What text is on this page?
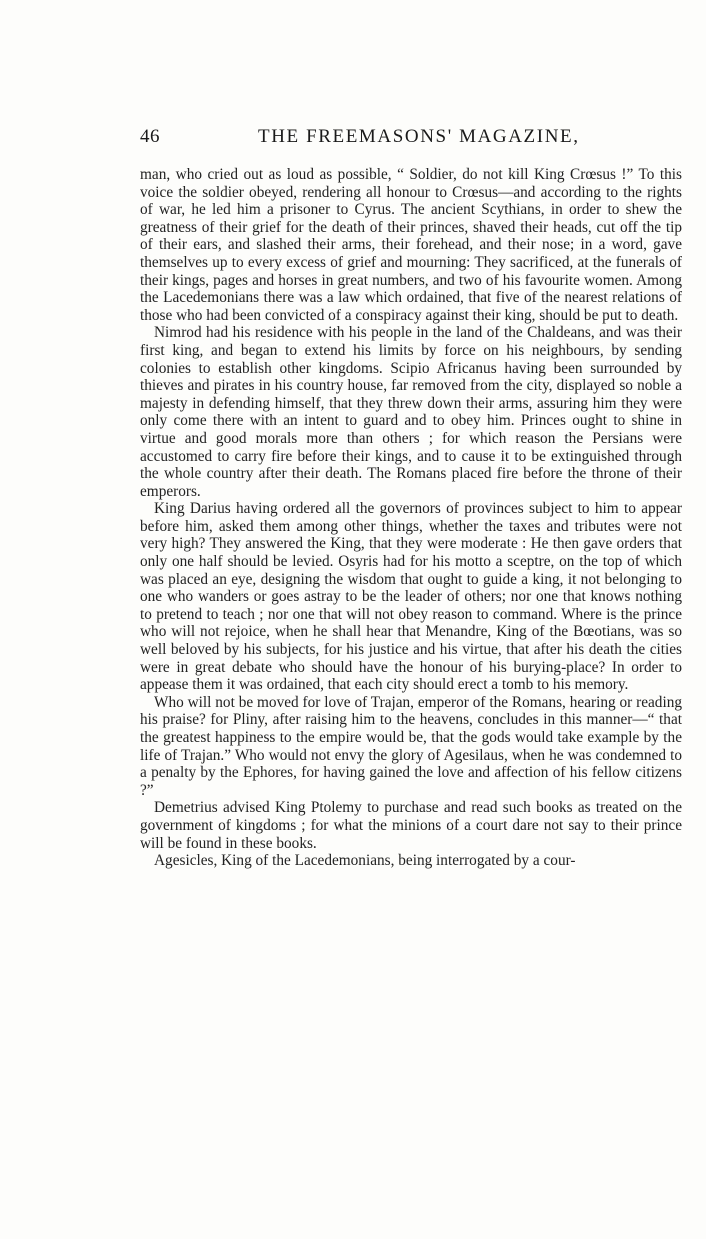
46	THE FREEMASONS' MAGAZINE,

man, who cried out as loud as possible, “ Soldier, do not kill King Crœsus !” To this voice the soldier obeyed, rendering all honour to Crœsus—and according to the rights of war, he led him a prisoner to Cyrus. The ancient Scythians, in order to shew the greatness of their grief for the death of their princes, shaved their heads, cut off the tip of their ears, and slashed their arms, their forehead, and their nose; in a word, gave themselves up to every excess of grief and mourning: They sacrificed, at the funerals of their kings, pages and horses in great numbers, and two of his favourite women. Among the Lacedemonians there was a law which ordained, that five of the nearest relations of those who had been convicted of a conspiracy against their king, should be put to death.

Nimrod had his residence with his people in the land of the Chaldeans, and was their first king, and began to extend his limits by force on his neighbours, by sending colonies to establish other kingdoms. Scipio Africanus having been surrounded by thieves and pirates in his country house, far removed from the city, displayed so noble a majesty in defending himself, that they threw down their arms, assuring him they were only come there with an intent to guard and to obey him. Princes ought to shine in virtue and good morals more than others ; for which reason the Persians were accustomed to carry fire before their kings, and to cause it to be extinguished through the whole country after their death. The Romans placed fire before the throne of their emperors.

King Darius having ordered all the governors of provinces subject to him to appear before him, asked them among other things, whether the taxes and tributes were not very high? They answered the King, that they were moderate : He then gave orders that only one half should be levied. Osyris had for his motto a sceptre, on the top of which was placed an eye, designing the wisdom that ought to guide a king, it not belonging to one who wanders or goes astray to be the leader of others; nor one that knows nothing to pretend to teach ; nor one that will not obey reason to command. Where is the prince who will not rejoice, when he shall hear that Menandre, King of the Bœotians, was so well beloved by his subjects, for his justice and his virtue, that after his death the cities were in great debate who should have the honour of his burying-place? In order to appease them it was ordained, that each city should erect a tomb to his memory.

Who will not be moved for love of Trajan, emperor of the Romans, hearing or reading his praise? for Pliny, after raising him to the heavens, concludes in this manner—“ that the greatest happiness to the empire would be, that the gods would take example by the life of Trajan.” Who would not envy the glory of Agesilaus, when he was condemned to a penalty by the Ephores, for having gained the love and affection of his fellow citizens ?”

Demetrius advised King Ptolemy to purchase and read such books as treated on the government of kingdoms ; for what the minions of a court dare not say to their prince will be found in these books.

Agesicles, King of the Lacedemonians, being interrogated by a cour-
